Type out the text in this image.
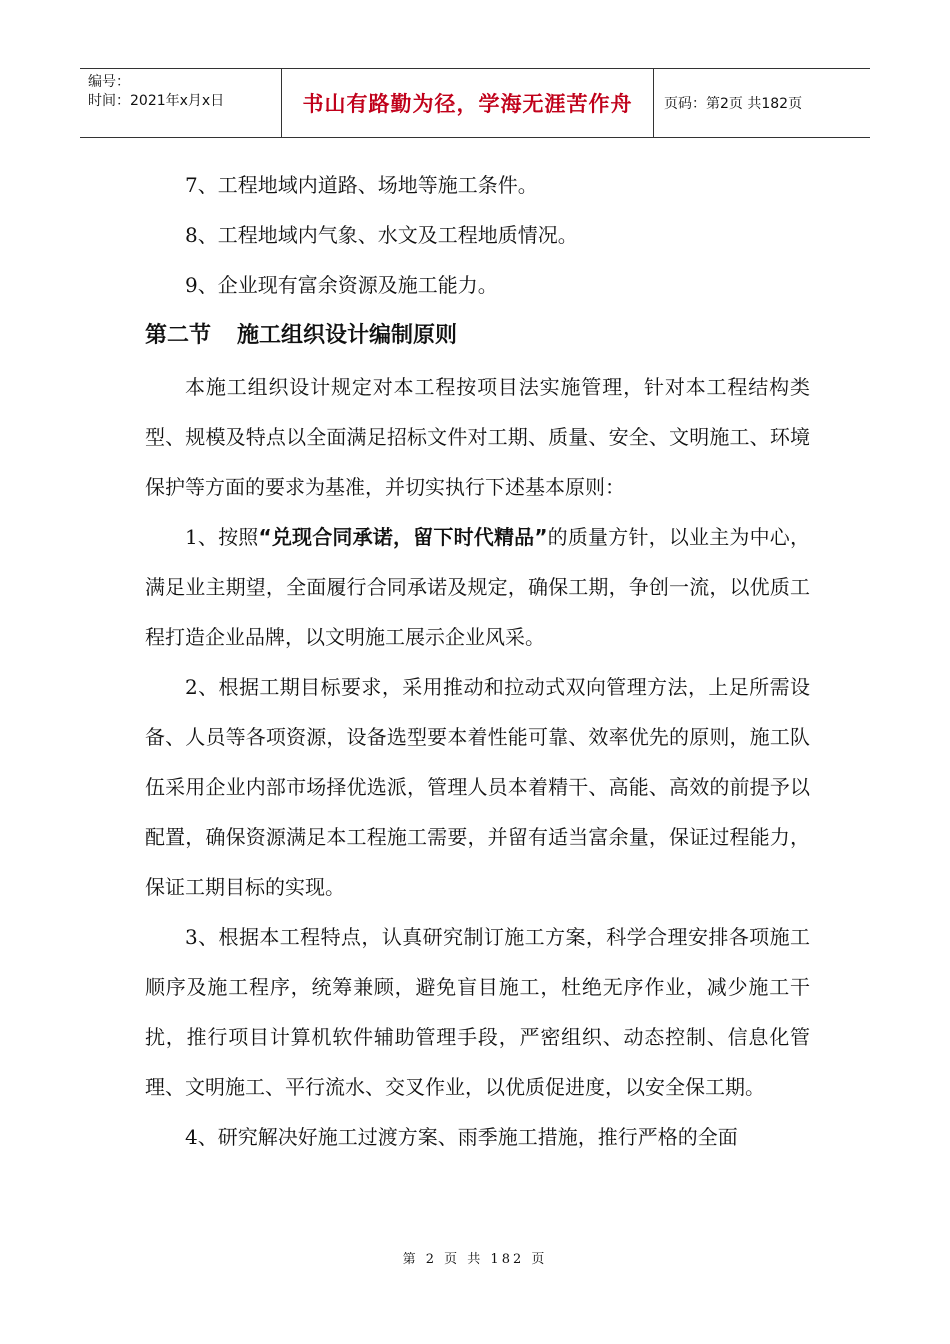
编号：
时间：2021年x月x日	书山有路勤为径，学海无涯苦作舟 页码：第2页 共182页

7、工程地域内道路、场地等施工条件。

8、工程地域内气象、水文及工程地质情况。

9、企业现有富余资源及施工能力。

第二节 施工组织设计编制原则

本施工组织设计规定对本工程按项目法实施管理，针对本工程结构类型、规模及特点以全面满足招标文件对工期、质量、安全、文明施工、环境保护等方面的要求为基准，并切实执行下述基本原则：

1、按照“兑现合同承诺，留下时代精品”的质量方针，以业主为中心，满足业主期望，全面履行合同承诺及规定，确保工期，争创一流，以优质工程打造企业品牌，以文明施工展示企业风采。

2、根据工期目标要求，采用推动和拉动式双向管理方法，上足所需设备、人员等各项资源，设备选型要本着性能可靠、效率优先的原则，施工队伍采用企业内部市场择优选派，管理人员本着精干、高能、高效的前提予以配置，确保资源满足本工程施工需要，并留有适当富余量，保证过程能力，保证工期目标的实现。

3、根据本工程特点，认真研究制订施工方案，科学合理安排各项施工顺序及施工程序，统筹兼顾，避免盲目施工，杜绝无序作业，减少施工干扰，推行项目计算机软件辅助管理手段，严密组织、动态控制、信息化管理、文明施工、平行流水、交叉作业，以优质促进度，以安全保工期。

4、研究解决好施工过渡方案、雨季施工措施，推行严格的全面

第 2 页 共 182 页
